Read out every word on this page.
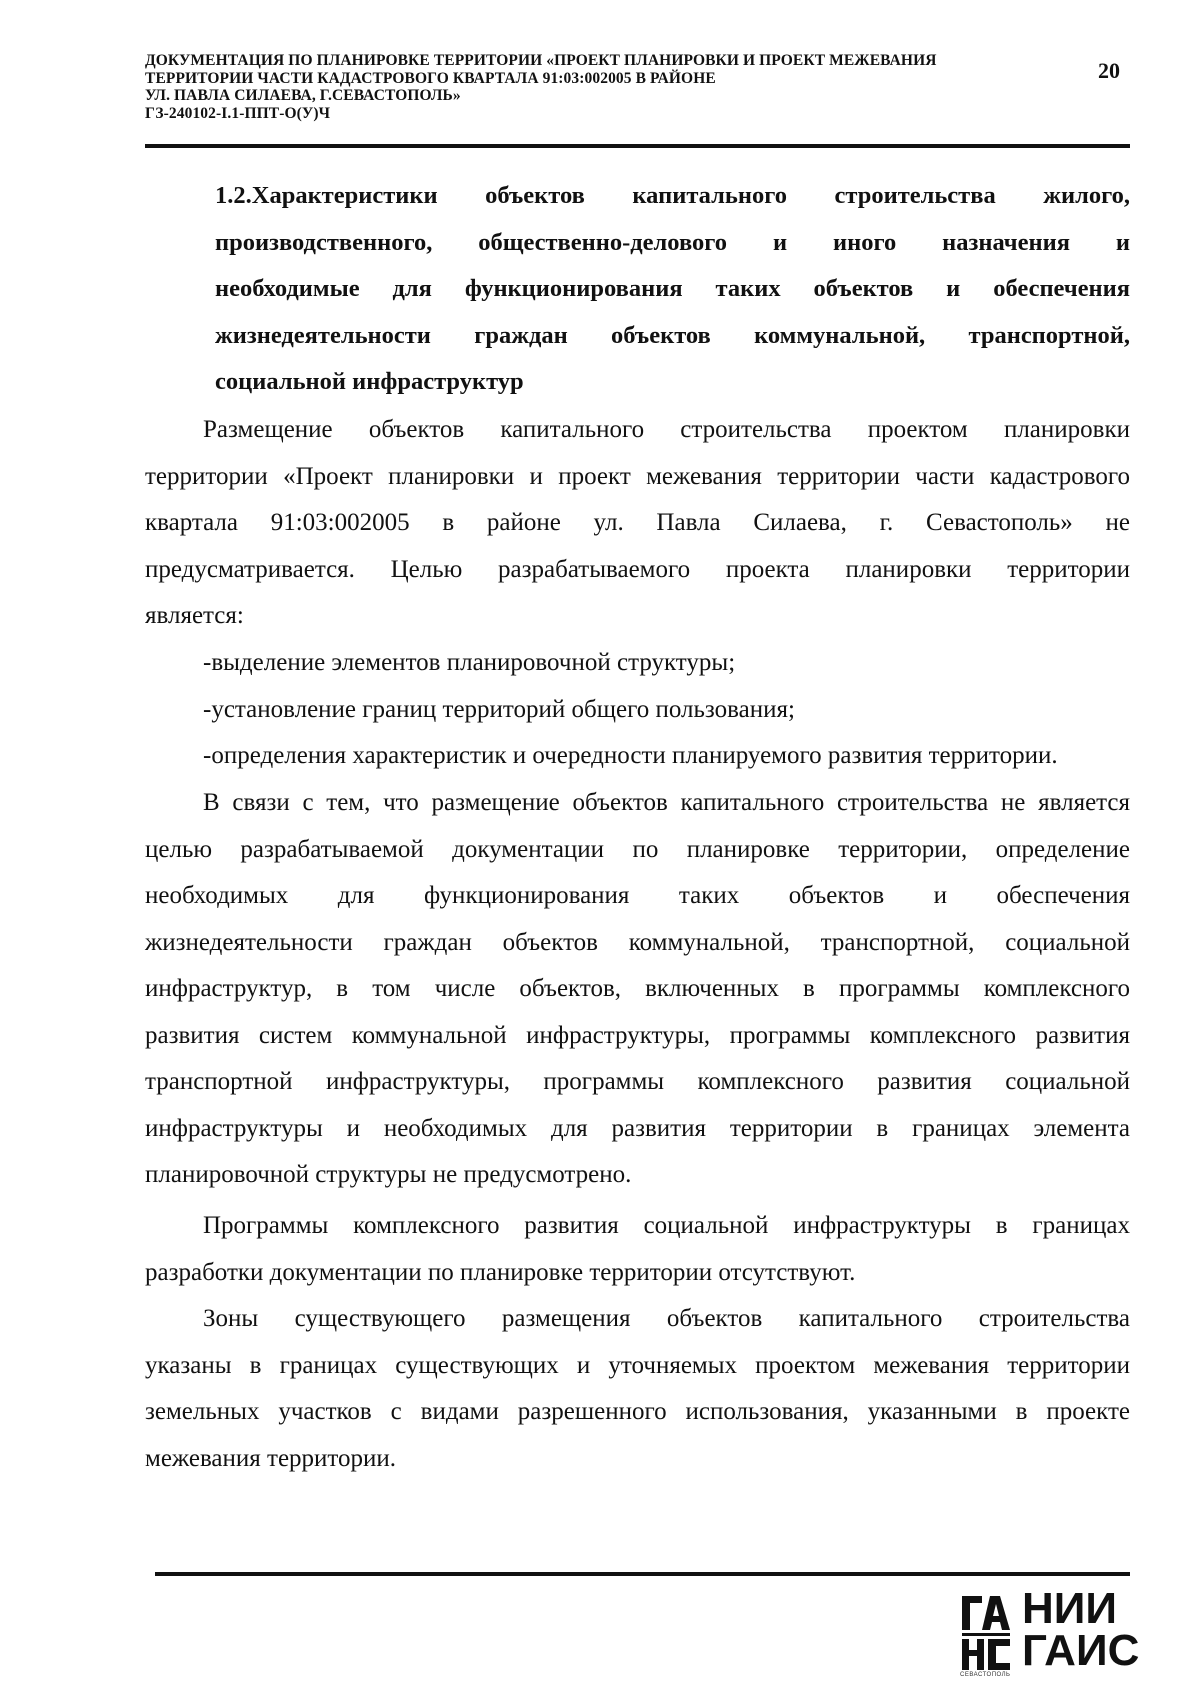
ДОКУМЕНТАЦИЯ ПО ПЛАНИРОВКЕ ТЕРРИТОРИИ «ПРОЕКТ ПЛАНИРОВКИ И ПРОЕКТ МЕЖЕВАНИЯ
ТЕРРИТОРИИ ЧАСТИ КАДАСТРОВОГО КВАРТАЛА 91:03:002005 В РАЙОНЕ
УЛ. ПАВЛА СИЛАЕВА, Г.СЕВАСТОПОЛЬ»
ГЗ-240102-I.1-ППТ-О(У)Ч
20
1.2.Характеристики объектов капитального строительства жилого,
производственного, общественно-делового и иного назначения и
необходимые для функционирования таких объектов и обеспечения
жизнедеятельности граждан объектов коммунальной, транспортной,
социальной инфраструктур
Размещение объектов капитального строительства проектом планировки
территории «Проект планировки и проект межевания территории части кадастрового
квартала 91:03:002005 в районе ул. Павла Силаева, г. Севастополь» не
предусматривается. Целью разрабатываемого проекта планировки территории
является:
-выделение элементов планировочной структуры;
-установление границ территорий общего пользования;
-определения характеристик и очередности планируемого развития территории.
В связи с тем, что размещение объектов капитального строительства не является
целью разрабатываемой документации по планировке территории, определение
необходимых для функционирования таких объектов и обеспечения
жизнедеятельности граждан объектов коммунальной, транспортной, социальной
инфраструктур, в том числе объектов, включенных в программы комплексного
развития систем коммунальной инфраструктуры, программы комплексного развития
транспортной инфраструктуры, программы комплексного развития социальной
инфраструктуры и необходимых для развития территории в границах элемента
планировочной структуры не предусмотрено.
Программы комплексного развития социальной инфраструктуры в границах
разработки документации по планировке территории отсутствуют.
Зоны существующего размещения объектов капитального строительства
указаны в границах существующих и уточняемых проектом межевания территории
земельных участков с видами разрешенного использования, указанными в проекте
межевания территории.
НИИ
ГАИС
СЕВАСТОПОЛЬ
